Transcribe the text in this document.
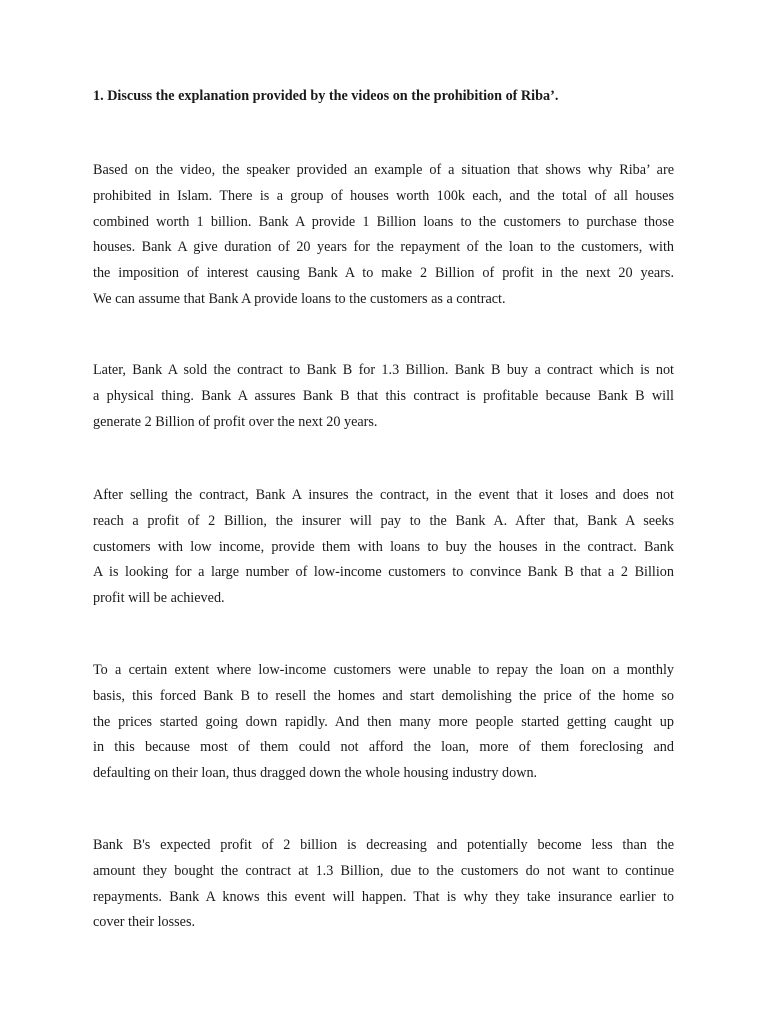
1. Discuss the explanation provided by the videos on the prohibition of Riba’.

Based on the video, the speaker provided an example of a situation that shows why Riba’ are
prohibited in Islam. There is a group of houses worth 100k each, and the total of all houses
combined worth 1 billion. Bank A provide 1 Billion loans to the customers to purchase those
houses. Bank A give duration of 20 years for the repayment of the loan to the customers, with
the imposition of interest causing Bank A to make 2 Billion of profit in the next 20 years.
We can assume that Bank A provide loans to the customers as a contract.

Later, Bank A sold the contract to Bank B for 1.3 Billion. Bank B buy a contract which is not
a physical thing. Bank A assures Bank B that this contract is profitable because Bank B will
generate 2 Billion of profit over the next 20 years.

After selling the contract, Bank A insures the contract, in the event that it loses and does not
reach a profit of 2 Billion, the insurer will pay to the Bank A. After that, Bank A seeks
customers with low income, provide them with loans to buy the houses in the contract. Bank
A is looking for a large number of low-income customers to convince Bank B that a 2 Billion
profit will be achieved.

To a certain extent where low-income customers were unable to repay the loan on a monthly
basis, this forced Bank B to resell the homes and start demolishing the price of the home so
the prices started going down rapidly. And then many more people started getting caught up
in this because most of them could not afford the loan, more of them foreclosing and
defaulting on their loan, thus dragged down the whole housing industry down.

Bank B's expected profit of 2 billion is decreasing and potentially become less than the
amount they bought the contract at 1.3 Billion, due to the customers do not want to continue
repayments. Bank A knows this event will happen. That is why they take insurance earlier to
cover their losses.
